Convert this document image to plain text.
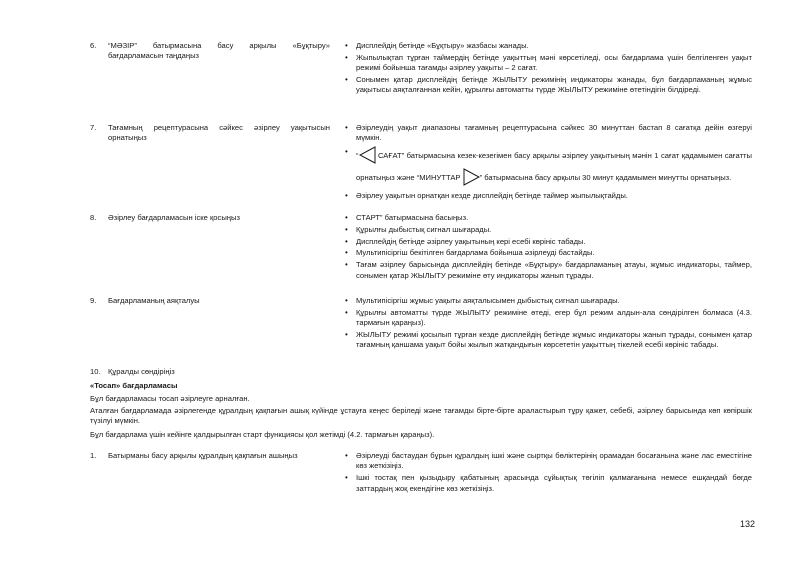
6.	“МӘЗІР” батырмасына басу арқылы «Бұқтыру» бағдарламасын таңдаңыз
• Дисплейдің бетінде «Бұқтыру» жазбасы жанады.
• Жыпылықтап тұрған таймердің бетінде уақыттың мәні көрсетіледі, осы бағдарлама үшін белгіленген уақыт режимі бойынша тағамды әзірлеу уақыты – 2 сағат.
• Сонымен қатар дисплейдің бетінде ЖЫЛЫТУ режимінің индикаторы жанады, бұл бағдарламаның жұмыс уақытысы аяқталғаннан кейін, құрылғы автоматты түрде ЖЫЛЫТУ режиміне өтетіндігін білдіреді.
7.	Тағамның рецептурасына сәйкес әзірлеу уақытысын орнатыңыз
• Әзірлеудің уақыт диапазоны тағамның рецептурасына сәйкес 30 минуттан бастап 8 сағатқа дейін өзгеруі мүмкін.
• “ САҒАТ” батырмасына кезек-кезегімен басу арқылы әзірлеу уақытының мәнін 1 сағат қадамымен сағатты орнатыңыз және “МИНУТТАР ” батырмасына басу арқылы 30 минут қадамымен минутты орнатыңыз.
• Әзірлеу уақытын орнатқан кезде дисплейдің бетінде таймер жыпылықтайды.
8.	Әзірлеу бағдарламасын іске қосыңыз	• СТАРТ” батырмасына басыңыз.
• Құрылғы дыбыстық сигнал шығарады.
• Дисплейдің бетінде әзірлеу уақытының кері есебі көрініс табады.
• Мультипісіргіш бекітілген бағдарлама бойынша әзірлеуді бастайды.
• Тағам әзірлеу барысында дисплейдің бетінде «Бұқтыру» бағдарламаның атауы, жұмыс индикаторы, таймер, сонымен қатар ЖЫЛЫТУ режиміне өту индикаторы жанып тұрады.
9.	Бағдарламаның аяқталуы	• Мультипісіргіш жұмыс уақыты аяқталысымен дыбыстық сигнал шығарады.
• Құрылғы автоматты түрде ЖЫЛЫТУ режиміне өтеді, егер бұл режим алдын-ала сөндірілген болмаса (4.3. тармағын қараңыз).
• ЖЫЛЫТУ режимі қосылып тұрған кезде дисплейдің бетінде жұмыс индикаторы жанып тұрады, сонымен қатар тағамның қаншама уақыт бойы жылып жатқандығын көрсететін уақыттың тікелей есебі көрініс табады.
10. Құралды сөндіріңіз
«Тосап» бағдарламасы
Бұл бағдарламасы тосап әзірлеуге арналған.
Аталған бағдарламада әзірлегенде құралдың қақпағын ашық күйінде ұстауға кеңес беріледі және тағамды бірте-бірте араластырып тұру қажет, себебі, әзірлеу барысында көп көпіршік түзілуі мүмкін.
Бұл бағдарлама үшін кейінге қалдырылған старт функциясы қол жетімді (4.2. тармағын қараңыз).
1.	Батырманы басу арқылы құралдың қақпағын ашыңыз	• Әзірлеуді бастаудан бұрын құралдың ішкі және сыртқы бөліктерінің орамадан босағанына және лас еместігіне көз жеткізіңіз.
• Ішкі тостақ пен қызыдыру қабатының арасында сұйықтық төгіліп қалмағанына немесе ешқандай бөгде заттардың жоқ екендігіне көз жеткізіңіз.
132
